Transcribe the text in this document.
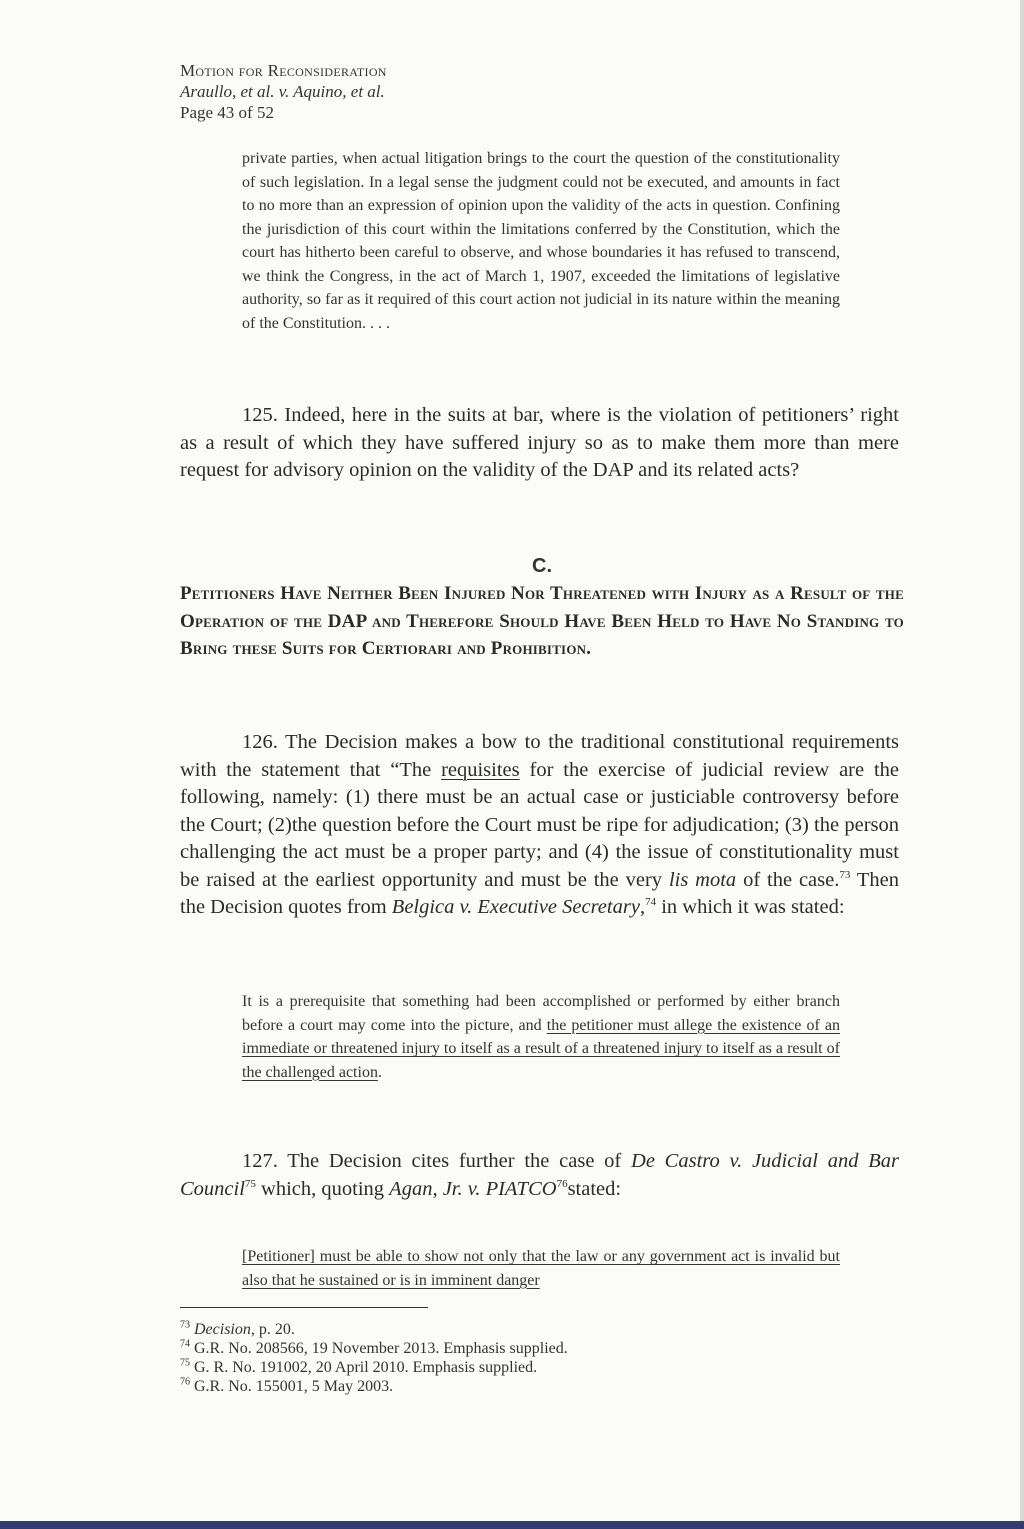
Motion for Reconsideration
Araullo, et al. v. Aquino, et al.
Page 43 of 52
private parties, when actual litigation brings to the court the question of the constitutionality of such legislation. In a legal sense the judgment could not be executed, and amounts in fact to no more than an expression of opinion upon the validity of the acts in question. Confining the jurisdiction of this court within the limitations conferred by the Constitution, which the court has hitherto been careful to observe, and whose boundaries it has refused to transcend, we think the Congress, in the act of March 1, 1907, exceeded the limitations of legislative authority, so far as it required of this court action not judicial in its nature within the meaning of the Constitution. . . .
125. Indeed, here in the suits at bar, where is the violation of petitioners’ right as a result of which they have suffered injury so as to make them more than mere request for advisory opinion on the validity of the DAP and its related acts?
C.
Petitioners Have Neither Been Injured Nor Threatened with Injury as a Result of the Operation of the DAP and Therefore Should Have Been Held to Have No Standing to Bring these Suits for Certiorari and Prohibition.
126. The Decision makes a bow to the traditional constitutional requirements with the statement that “The requisites for the exercise of judicial review are the following, namely: (1) there must be an actual case or justiciable controversy before the Court; (2)the question before the Court must be ripe for adjudication; (3) the person challenging the act must be a proper party; and (4) the issue of constitutionality must be raised at the earliest opportunity and must be the very lis mota of the case.$^{73}$ Then the Decision quotes from Belgica v. Executive Secretary,$^{74}$ in which it was stated:
It is a prerequisite that something had been accomplished or performed by either branch before a court may come into the picture, and the petitioner must allege the existence of an immediate or threatened injury to itself as a result of a threatened injury to itself as a result of the challenged action.
127. The Decision cites further the case of De Castro v. Judicial and Bar Council$^{75}$ which, quoting Agan, Jr. v. PIATCO$^{76}$stated:
[Petitioner] must be able to show not only that the law or any government act is invalid but also that he sustained or is in imminent danger
$^{73}$ Decision, p. 20.
$^{74}$ G.R. No. 208566, 19 November 2013. Emphasis supplied.
$^{75}$ G. R. No. 191002, 20 April 2010. Emphasis supplied.
$^{76}$ G.R. No. 155001, 5 May 2003.
